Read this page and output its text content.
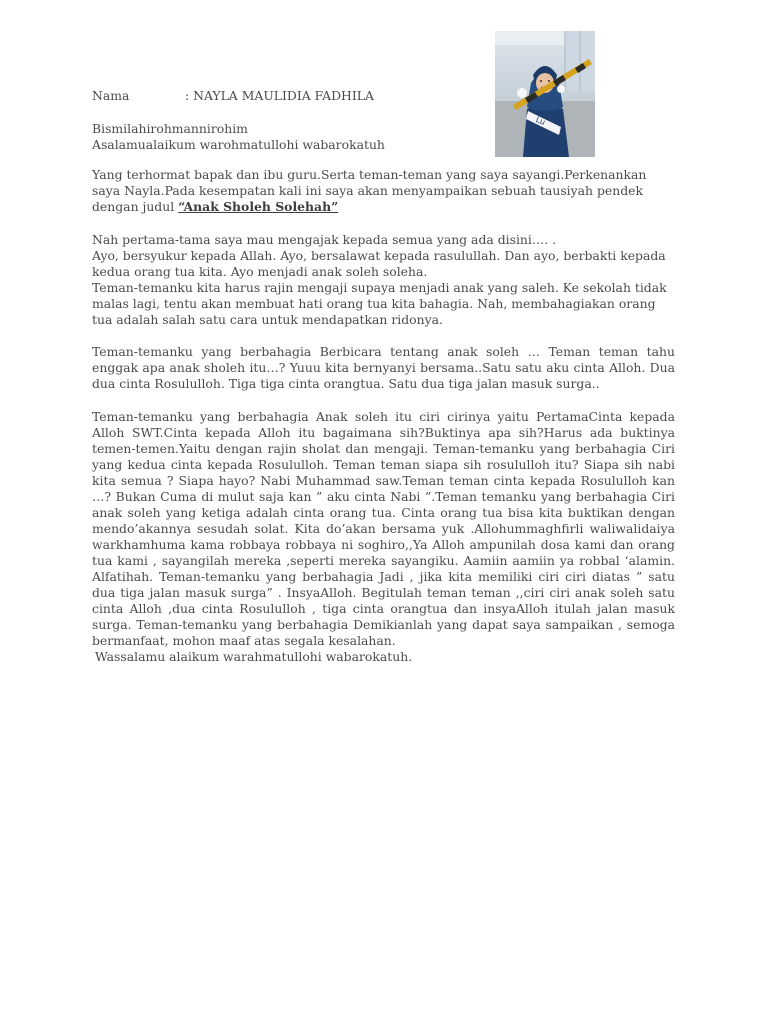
Lu
Nama	: NAYLA MAULIDIA FADHILA

Bismilahirohmannirohim

Asalamualaikum warohmatullohi wabarokatuh

Yang terhormat bapak dan ibu guru.Serta teman-teman yang saya sayangi.Perkenankan saya Nayla.Pada kesempatan kali ini saya akan menyampaikan sebuah tausiyah pendek dengan judul “Anak Sholeh Solehah”

Nah pertama-tama saya mau mengajak kepada semua yang ada disini…. .

Ayo, bersyukur kepada Allah. Ayo, bersalawat kepada rasulullah. Dan ayo, berbakti kepada kedua orang tua kita. Ayo menjadi anak soleh soleha.

Teman-temanku kita harus rajin mengaji supaya menjadi anak yang saleh. Ke sekolah tidak malas lagi, tentu akan membuat hati orang tua kita bahagia. Nah, membahagiakan orang tua adalah salah satu cara untuk mendapatkan ridonya.

Teman-temanku yang berbahagia Berbicara tentang anak soleh … Teman teman tahu enggak apa anak sholeh itu…? Yuuu kita bernyanyi bersama..Satu satu aku cinta Alloh. Dua dua cinta Rosululloh. Tiga tiga cinta orangtua. Satu dua tiga jalan masuk surga..

Teman-temanku yang berbahagia Anak soleh itu ciri cirinya yaitu PertamaCinta kepada Alloh SWT.Cinta kepada Alloh itu bagaimana sih?Buktinya apa sih?Harus ada buktinya temen-temen.Yaitu dengan rajin sholat dan mengaji. Teman-temanku yang berbahagia Ciri yang kedua cinta kepada Rosululloh. Teman teman siapa sih rosululloh itu? Siapa sih nabi kita semua ? Siapa hayo? Nabi Muhammad saw.Teman teman cinta kepada Rosululloh kan …? Bukan Cuma di mulut saja kan ” aku cinta Nabi ”.Teman temanku yang berbahagia Ciri anak soleh yang ketiga adalah cinta orang tua. Cinta orang tua bisa kita buktikan dengan mendo’akannya sesudah solat. Kita do’akan bersama yuk .Allohummaghfirli waliwalidaiya warkhamhuma kama robbaya robbaya ni soghiro,,Ya Alloh ampunilah dosa kami dan orang tua kami , sayangilah mereka ,seperti mereka sayangiku. Aamiin aamiin ya robbal ‘alamin. Alfatihah. Teman-temanku yang berbahagia Jadi , jika kita memiliki ciri ciri diatas ” satu dua tiga jalan masuk surga” . InsyaAlloh. Begitulah teman teman ,,ciri ciri anak soleh satu cinta Alloh ,dua cinta Rosululloh , tiga cinta orangtua dan insyaAlloh itulah jalan masuk surga. Teman-temanku yang berbahagia Demikianlah yang dapat saya sampaikan , semoga bermanfaat, mohon maaf atas segala kesalahan.

Wassalamu alaikum warahmatullohi wabarokatuh.
